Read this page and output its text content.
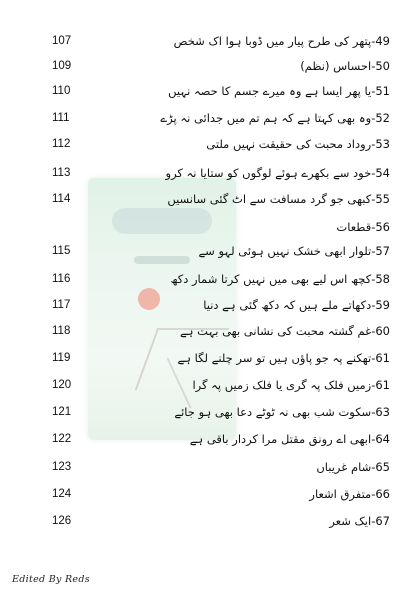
107	49-پتھر کی طرح پیار میں ڈوبا ہوا اک شخص
109	50-احساس (نظم)
110	51-یا پھر ایسا ہے وہ میرے جسم کا حصہ نہیں
111	52-وہ بھی کہتا ہے کہ ہم تم میں جدائی نہ پڑے
112	53-روداد محبت کی حقیقت نہیں ملتی
113	54-خود سے بکھرے ہوئے لوگوں کو ستایا نہ کرو
114	55-کبھی جو گرد مسافت سے اٹ گئی سانسیں
56-قطعات
115	57-تلوار ابھی خشک نہیں ہوئی لہو سے
116	58-کچھ اس لیے بھی میں نہیں کرتا شمار دکھ
117	59-دکھاتے ملے ہیں کہ دکھ گئی ہے دنیا
118	60-غم گشتہ محبت کی نشانی بھی بہت ہے
119	61-تھکنے پہ جو پاؤں ہیں تو سر چلنے لگا ہے
120	61-زمیں فلک پہ گری یا فلک زمیں پہ گرا
121	63-سکوت شب بھی نہ ٹوٹے دعا بھی ہو جائے
122	64-ابھی اے رونق مقتل مرا کردار باقی ہے
123	65-شام غریباں
124	66-متفرق اشعار
126	67-ایک شعر
Edited By Reds
